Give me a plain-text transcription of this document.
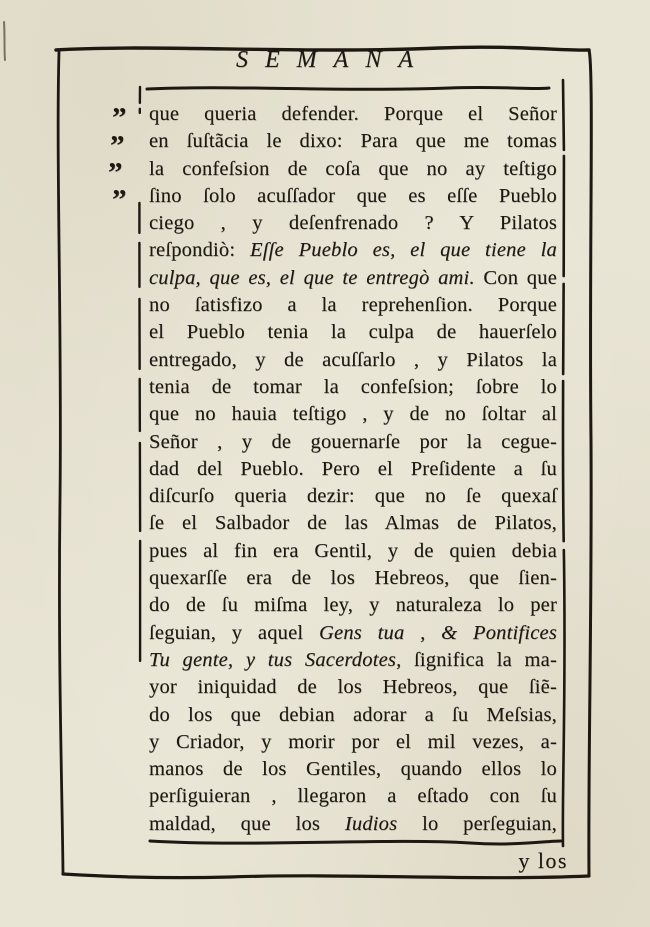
SEMANA
”
”
”
”
que queria defender. Porque el Señor
en ſuſtãcia le dixo: Para que me tomas
la confeſsion de coſa que no ay teſtigo
ſino ſolo acuſſador que es eſſe Pueblo
ciego , y deſenfrenado ? Y Pilatos
reſpondiò: Eſſe Pueblo es, el que tiene la
culpa, que es, el que te entregò ami. Con que
no ſatisfizo a la reprehenſion. Porque
el Pueblo tenia la culpa de hauerſelo
entregado, y de acuſſarlo , y Pilatos la
tenia de tomar la confeſsion; ſobre lo
que no hauia teſtigo , y de no ſoltar al
Señor , y de gouernarſe por la cegue-
dad del Pueblo. Pero el Preſidente a ſu
diſcurſo queria dezir: que no ſe quexaſ
ſe el Salbador de las Almas de Pilatos,
pues al fin era Gentil, y de quien debia
quexarſſe era de los Hebreos, que ſien-
do de ſu miſma ley, y naturaleza lo per
ſeguian, y aquel Gens tua , & Pontifices
Tu gente, y tus Sacerdotes, ſignifica la ma-
yor iniquidad de los Hebreos, que ſiẽ-
do los que debian adorar a ſu Meſsias,
y Criador, y morir por el mil vezes, a-
manos de los Gentiles, quando ellos lo
perſiguieran , llegaron a eſtado con ſu
maldad, que los Iudios lo perſeguian,
y los
